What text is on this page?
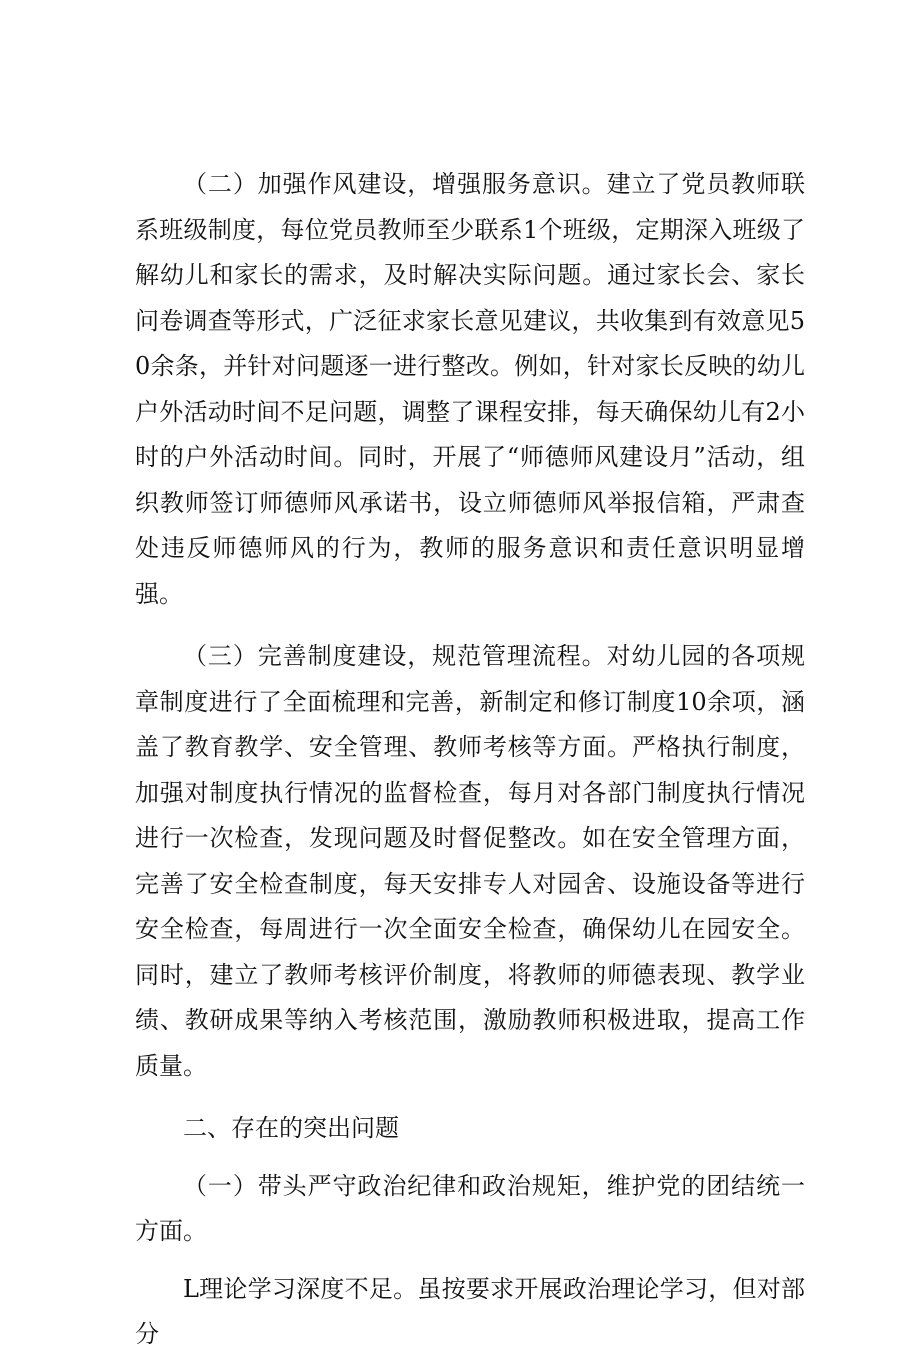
（二）加强作风建设，增强服务意识。建立了党员教师联系班级制度，每位党员教师至少联系1个班级，定期深入班级了解幼儿和家长的需求，及时解决实际问题。通过家长会、家长问卷调查等形式，广泛征求家长意见建议，共收集到有效意见50余条，并针对问题逐一进行整改。例如，针对家长反映的幼儿户外活动时间不足问题，调整了课程安排，每天确保幼儿有2小时的户外活动时间。同时，开展了“师德师风建设月”活动，组织教师签订师德师风承诺书，设立师德师风举报信箱，严肃查处违反师德师风的行为，教师的服务意识和责任意识明显增强。

（三）完善制度建设，规范管理流程。对幼儿园的各项规章制度进行了全面梳理和完善，新制定和修订制度10余项，涵盖了教育教学、安全管理、教师考核等方面。严格执行制度，加强对制度执行情况的监督检查，每月对各部门制度执行情况进行一次检查，发现问题及时督促整改。如在安全管理方面，完善了安全检查制度，每天安排专人对园舍、设施设备等进行安全检查，每周进行一次全面安全检查，确保幼儿在园安全。同时，建立了教师考核评价制度，将教师的师德表现、教学业绩、教研成果等纳入考核范围，激励教师积极进取，提高工作质量。

二、存在的突出问题

（一）带头严守政治纪律和政治规矩，维护党的团结统一方面。

L理论学习深度不足。虽按要求开展政治理论学习，但对部分
